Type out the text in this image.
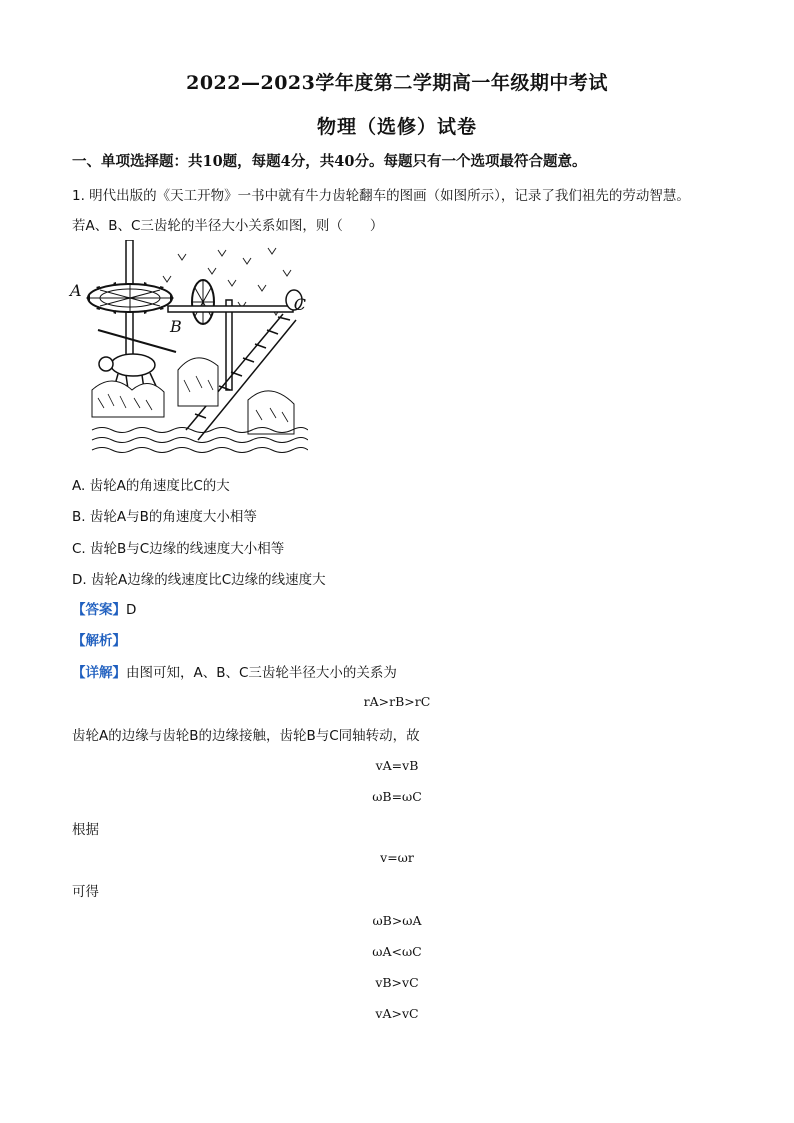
2022—2023学年度第二学期高一年级期中考试
物理（选修）试卷
一、单项选择题：共10题，每题4分，共40分。每题只有一个选项最符合题意。
1. 明代出版的《天工开物》一书中就有牛力齿轮翻车的图画（如图所示），记录了我们祖先的劳动智慧。
若A、B、C三齿轮的半径大小关系如图，则（　　）
A
B
C
A. 齿轮A的角速度比C的大
B. 齿轮A与B的角速度大小相等
C. 齿轮B与C边缘的线速度大小相等
D. 齿轮A边缘的线速度比C边缘的线速度大
【答案】D
【解析】
【详解】由图可知，A、B、C三齿轮半径大小的关系为
rA>rB>rC
齿轮A的边缘与齿轮B的边缘接触，齿轮B与C同轴转动，故
vA=vB
ωB=ωC
根据
v=ωr
可得
ωB>ωA
ωA<ωC
vB>vC
vA>vC
